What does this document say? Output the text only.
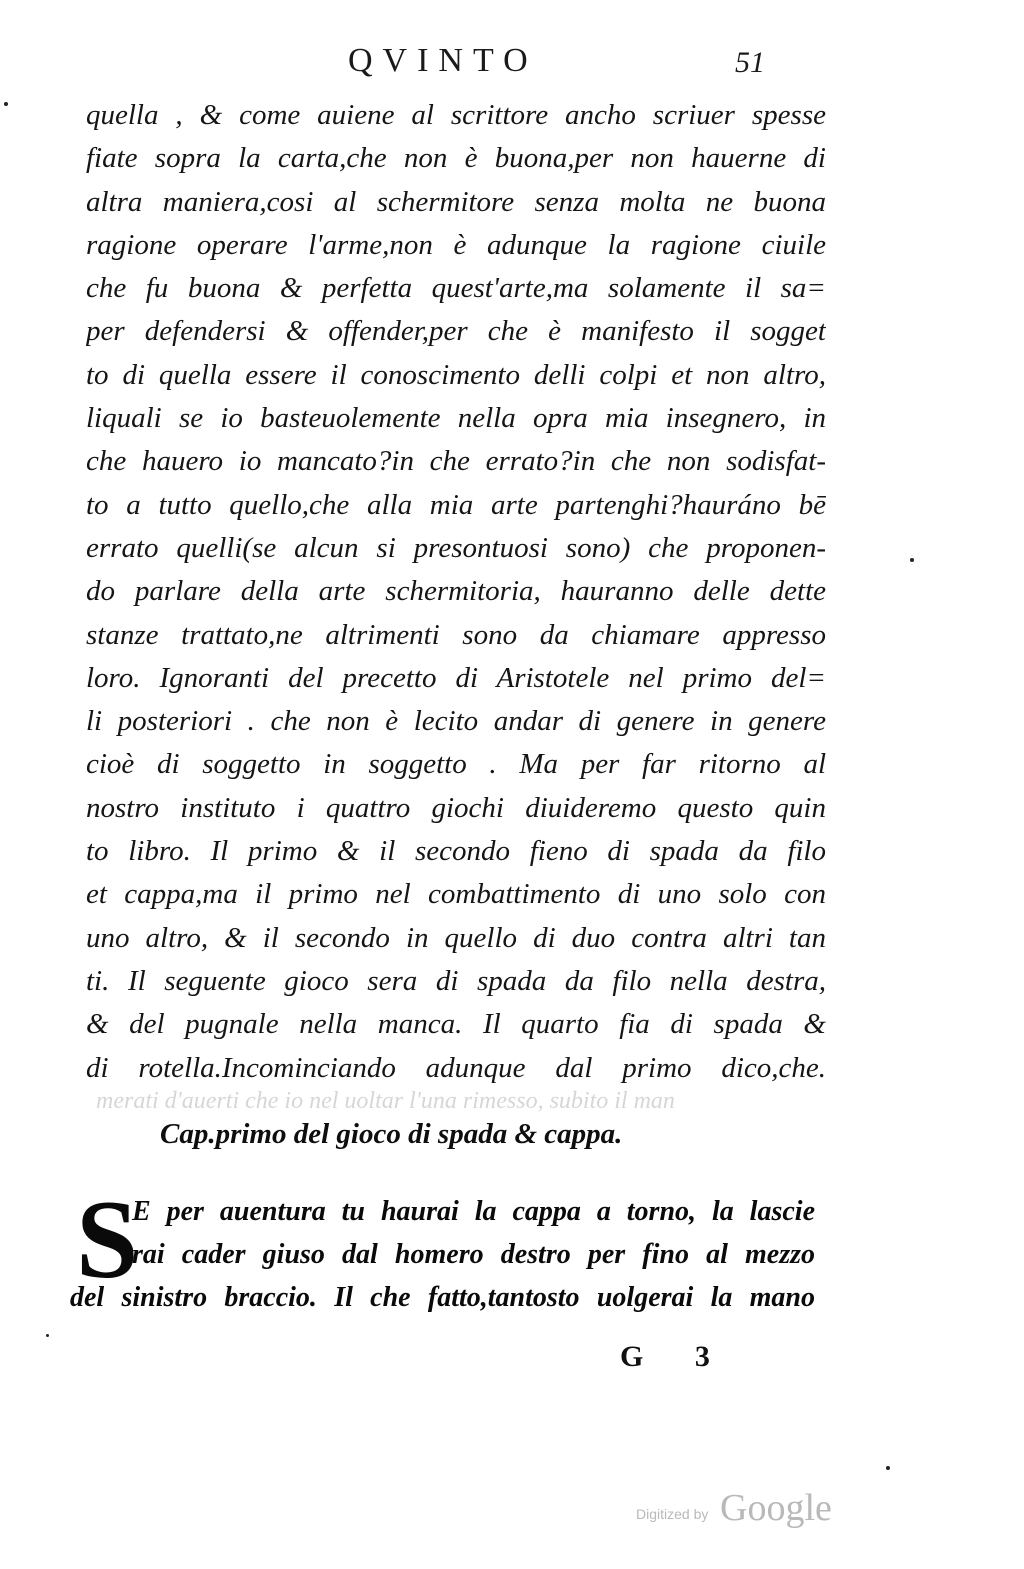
QVINTO	51
quella , & come auiene al scrittore ancho scriuer spesse
fiate sopra la carta,che non è buona,per non hauerne di
altra maniera,cosi al schermitore senza molta ne buona
ragione operare l'arme,non è adunque la ragione ciuile
che fu buona & perfetta quest'arte,ma solamente il sa=
per defendersi & offender,per che è manifesto il sogget
to di quella essere il conoscimento delli colpi et non altro,
liquali se io basteuolemente nella opra mia insegnero, in
che hauero io mancato?in che errato?in che non sodisfat-
to a tutto quello,che alla mia arte partenghi?hauráno bē
errato quelli(se alcun si presontuosi sono) che proponen-
do parlare della arte schermitoria, hauranno delle dette
stanze trattato,ne altrimenti sono da chiamare appresso
loro. Ignoranti del precetto di Aristotele nel primo del=
li posteriori . che non è lecito andar di genere in genere
cioè di soggetto in soggetto . Ma per far ritorno al
nostro instituto i quattro giochi diuideremo questo quin
to libro. Il primo & il secondo fieno di spada da filo
et cappa,ma il primo nel combattimento di uno solo con
uno altro, & il secondo in quello di duo contra altri tan
ti. Il seguente gioco sera di spada da filo nella destra,
& del pugnale nella manca. Il quarto fia di spada &
di rotella.Incominciando adunque dal primo dico,che.
merati d'auerti che io nel uoltar l'una rimesso, subito il man
Cap.primo del gioco di spada & cappa.
S
E per auentura tu haurai la cappa a torno, la lascie
rai cader giuso dal homero destro per fino al mezzo
del sinistro braccio. Il che fatto,tantosto uolgerai la mano
G 3
Digitized by Google
